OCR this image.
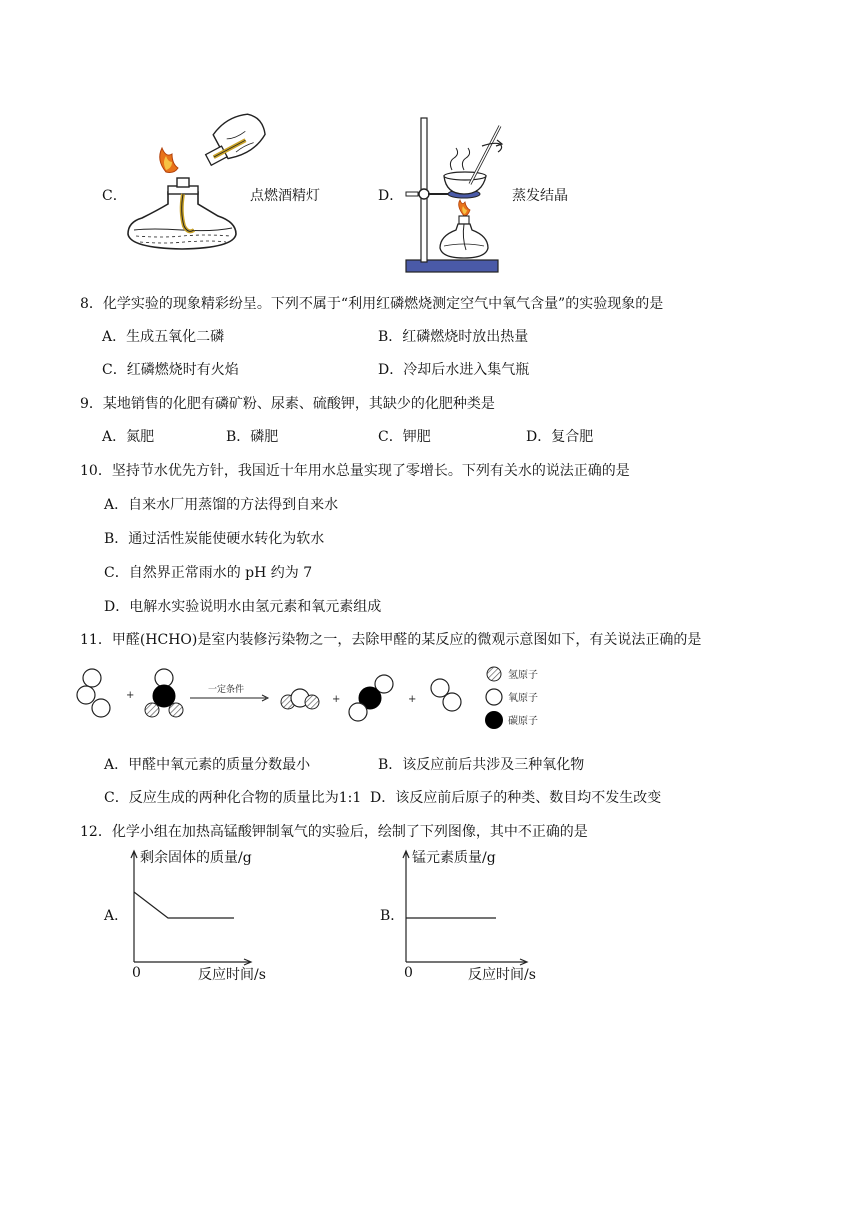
C．	点燃酒精灯	D．	蒸发结晶
8．化学实验的现象精彩纷呈。下列不属于“利用红磷燃烧测定空气中氧气含量”的实验现象的是
A．生成五氧化二磷	B．红磷燃烧时放出热量
C．红磷燃烧时有火焰	D．冷却后水进入集气瓶
9．某地销售的化肥有磷矿粉、尿素、硫酸钾，其缺少的化肥种类是
A．氮肥	B．磷肥	C．钾肥	D．复合肥
10．坚持节水优先方针，我国近十年用水总量实现了零增长。下列有关水的说法正确的是
A．自来水厂用蒸馏的方法得到自来水
B．通过活性炭能使硬水转化为软水
C．自然界正常雨水的 pH 约为 7
D．电解水实验说明水由氢元素和氧元素组成
11．甲醛(HCHO)是室内装修污染物之一，去除甲醛的某反应的微观示意图如下，有关说法正确的是
+	一定条件
+	+
氢原子
氧原子
碳原子
A．甲醛中氧元素的质量分数最小	B．该反应前后共涉及三种氧化物
C．反应生成的两种化合物的质量比为1:1 D．该反应前后原子的种类、数目均不发生改变
12．化学小组在加热高锰酸钾制氧气的实验后，绘制了下列图像，其中不正确的是
A．
剩余固体的质量/g
0	反应时间/s
B．
锰元素质量/g
0	反应时间/s
